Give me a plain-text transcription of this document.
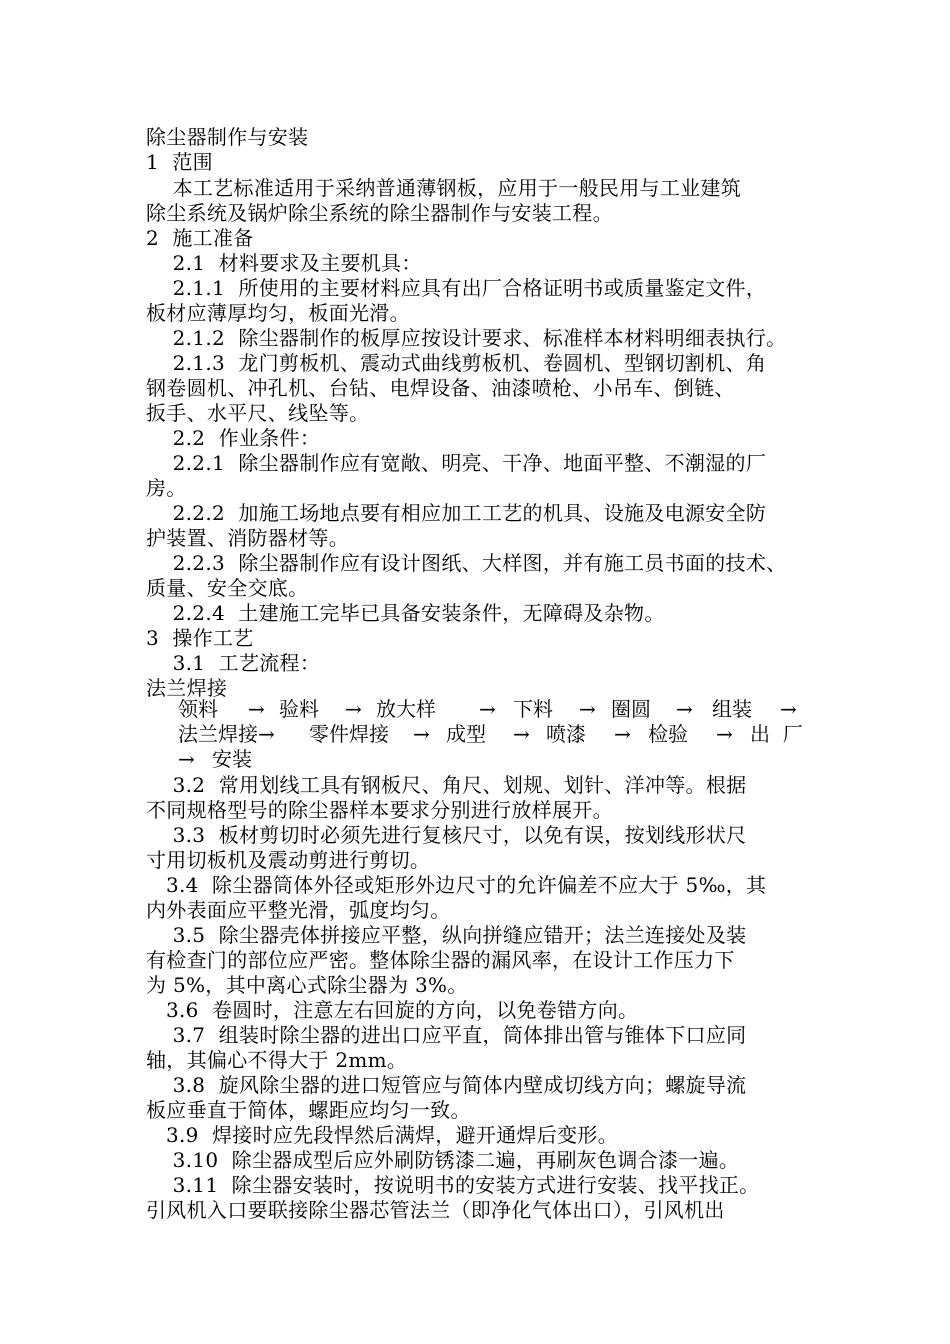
除尘器制作与安装
1  范围
本工艺标准适用于采纳普通薄钢板，应用于一般民用与工业建筑
除尘系统及锅炉除尘系统的除尘器制作与安装工程。
2  施工准备
2.1  材料要求及主要机具：
2.1.1  所使用的主要材料应具有出厂合格证明书或质量鉴定文件，
板材应薄厚均匀，板面光滑。
2.1.2  除尘器制作的板厚应按设计要求、标准样本材料明细表执行。
2.1.3  龙门剪板机、震动式曲线剪板机、卷圆机、型钢切割机、角
钢卷圆机、冲孔机、台钻、电焊设备、油漆喷枪、小吊车、倒链、
扳手、水平尺、线坠等。
2.2  作业条件：
2.2.1  除尘器制作应有宽敞、明亮、干净、地面平整、不潮湿的厂
房。
2.2.2  加施工场地点要有相应加工工艺的机具、设施及电源安全防
护装置、消防器材等。
2.2.3  除尘器制作应有设计图纸、大样图，并有施工员书面的技术、
质量、安全交底。
2.2.4  土建施工完毕已具备安装条件，无障碍及杂物。
3  操作工艺
3.1  工艺流程：
法兰焊接
领料 → 验料 → 放大样 → 下料 → 圈圆 → 组装 →
法兰焊接→ 零件焊接 → 成型 → 喷漆 → 检验 → 出  厂
→ 安装
3.2  常用划线工具有钢板尺、角尺、划规、划针、洋冲等。根据
不同规格型号的除尘器样本要求分别进行放样展开。
3.3  板材剪切时必须先进行复核尺寸，以免有误，按划线形状尺
寸用切板机及震动剪进行剪切。
3.4  除尘器筒体外径或矩形外边尺寸的允许偏差不应大于 5‰，其
内外表面应平整光滑，弧度均匀。
3.5  除尘器壳体拼接应平整，纵向拼缝应错开；法兰连接处及装
有检查门的部位应严密。整体除尘器的漏风率，在设计工作压力下
为 5%，其中离心式除尘器为 3%。
3.6  卷圆时，注意左右回旋的方向，以免卷错方向。
3.7  组装时除尘器的进出口应平直，筒体排出管与锥体下口应同
轴，其偏心不得大于 2mm。
3.8  旋风除尘器的进口短管应与简体内壁成切线方向；螺旋导流
板应垂直于简体，螺距应均匀一致。
3.9  焊接时应先段悍然后满焊，避开通焊后变形。
3.10  除尘器成型后应外刷防锈漆二遍，再刷灰色调合漆一遍。
3.11  除尘器安装时，按说明书的安装方式进行安装、找平找正。
引风机入口要联接除尘器芯管法兰（即净化气体出口），引风机出
